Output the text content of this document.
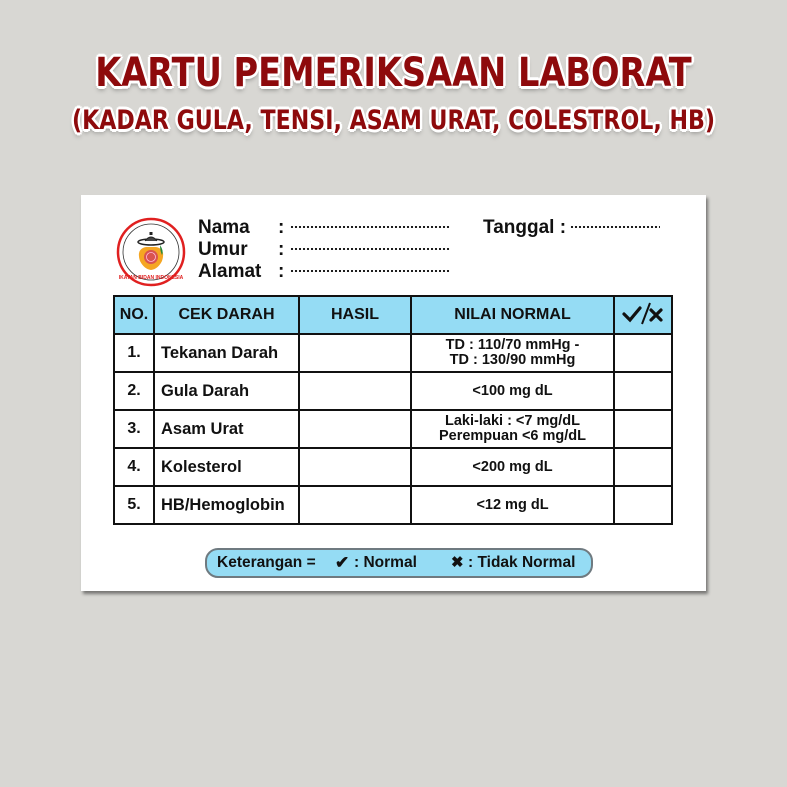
KARTU PEMERIKSAAN LABORAT
(KADAR GULA, TENSI, ASAM URAT, COLESTROL, HB)
IKATAN BIDAN INDONESIA
Nama :
Umur :
Alamat :
Tanggal :
NO.	CEK DARAH	HASIL	NILAI NORMAL	
1.	Tekanan Darah		TD : 110/70 mmHg -
TD : 130/90 mmHg	

2.	Gula Darah		<100 mg dL	

3.	Asam Urat		Laki-laki : <7 mg/dL
Perempuan <6 mg/dL	

4.	Kolesterol		<200 mg dL	

5.	HB/Hemoglobin		<12 mg dL	

Keterangan = ✔ : Normal ✖ : Tidak Normal
